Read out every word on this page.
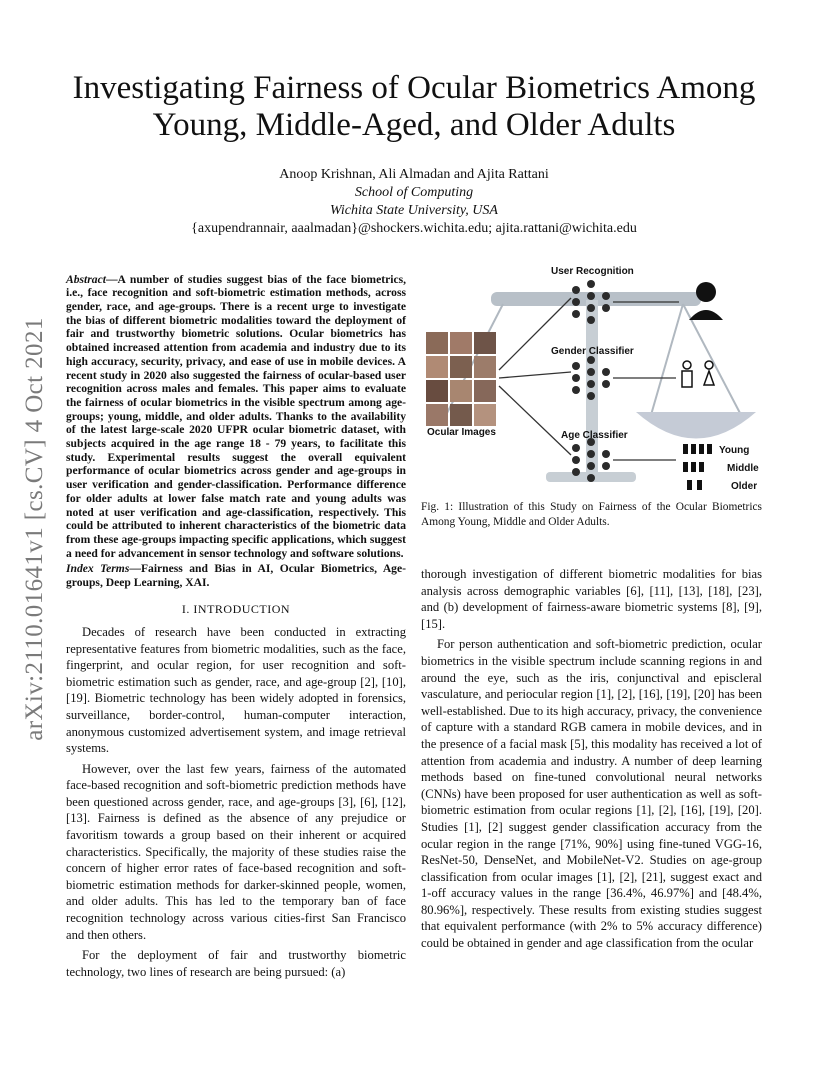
arXiv:2110.01641v1 [cs.CV] 4 Oct 2021
Investigating Fairness of Ocular Biometrics Among Young, Middle-Aged, and Older Adults
Anoop Krishnan, Ali Almadan and Ajita Rattani
School of Computing
Wichita State University, USA
{axupendrannair, aaalmadan}@shockers.wichita.edu; ajita.rattani@wichita.edu

Abstract—A number of studies suggest bias of the face biometrics, i.e., face recognition and soft-biometric estimation methods, across gender, race, and age-groups. There is a recent urge to investigate the bias of different biometric modalities toward the deployment of fair and trustworthy biometric solutions. Ocular biometrics has obtained increased attention from academia and industry due to its high accuracy, security, privacy, and ease of use in mobile devices. A recent study in 2020 also suggested the fairness of ocular-based user recognition across males and females. This paper aims to evaluate the fairness of ocular biometrics in the visible spectrum among age-groups; young, middle, and older adults. Thanks to the availability of the latest large-scale 2020 UFPR ocular biometric dataset, with subjects acquired in the age range 18 - 79 years, to facilitate this study. Experimental results suggest the overall equivalent performance of ocular biometrics across gender and age-groups in user verification and gender-classification. Performance difference for older adults at lower false match rate and young adults was noted at user verification and age-classification, respectively. This could be attributed to inherent characteristics of the biometric data from these age-groups impacting specific applications, which suggest a need for advancement in sensor technology and software solutions.

Index Terms—Fairness and Bias in AI, Ocular Biometrics, Age-groups, Deep Learning, XAI.

I. INTRODUCTION

Decades of research have been conducted in extracting representative features from biometric modalities, such as the face, fingerprint, and ocular region, for user recognition and soft-biometric estimation such as gender, race, and age-group [2], [10], [19]. Biometric technology has been widely adopted in forensics, surveillance, border-control, human-computer interaction, anonymous customized advertisement system, and image retrieval systems.

However, over the last few years, fairness of the automated face-based recognition and soft-biometric prediction methods have been questioned across gender, race, and age-groups [3], [6], [12], [13]. Fairness is defined as the absence of any prejudice or favoritism towards a group based on their inherent or acquired characteristics. Specifically, the majority of these studies raise the concern of higher error rates of face-based recognition and soft-biometric estimation methods for darker-skinned people, women, and older adults. This has led to the temporary ban of face recognition technology across various cities-first San Francisco and then others.

For the deployment of fair and trustworthy biometric technology, two lines of research are being pursued: (a)

User Recognition
Gender Classifier
Age Classifier
Ocular Images
Young
Middle
Older
Fig. 1: Illustration of this Study on Fairness of the Ocular Biometrics Among Young, Middle and Older Adults.

thorough investigation of different biometric modalities for bias analysis across demographic variables [6], [11], [13], [18], [23], and (b) development of fairness-aware biometric systems [8], [9], [15].

For person authentication and soft-biometric prediction, ocular biometrics in the visible spectrum include scanning regions in and around the eye, such as the iris, conjunctival and episcleral vasculature, and periocular region [1], [2], [16], [19], [20] has been well-established. Due to its high accuracy, privacy, the convenience of capture with a standard RGB camera in mobile devices, and in the presence of a facial mask [5], this modality has received a lot of attention from academia and industry. A number of deep learning methods based on fine-tuned convolutional neural networks (CNNs) have been proposed for user authentication as well as soft-biometric estimation from ocular regions [1], [2], [16], [19], [20]. Studies [1], [2] suggest gender classification accuracy from the ocular region in the range [71%, 90%] using fine-tuned VGG-16, ResNet-50, DenseNet, and MobileNet-V2. Studies on age-group classification from ocular images [1], [2], [21], suggest exact and 1-off accuracy values in the range [36.4%, 46.97%] and [48.4%, 80.96%], respectively. These results from existing studies suggest that equivalent performance (with 2% to 5% accuracy difference) could be obtained in gender and age classification from the ocular
